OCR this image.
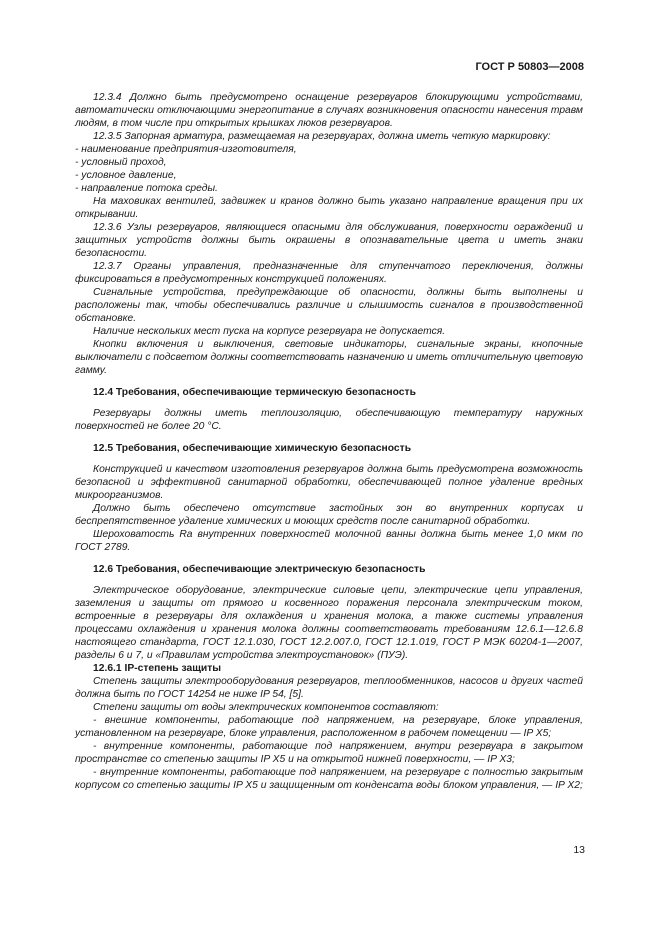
ГОСТ Р 50803—2008

12.3.4 Должно быть предусмотрено оснащение резервуаров блокирующими устройствами, автоматически отключающими энергопитание в случаях возникновения опасности нанесения травм людям, в том числе при открытых крышках люков резервуаров.

12.3.5 Запорная арматура, размещаемая на резервуарах, должна иметь четкую маркировку:

- наименование предприятия-изготовителя,

- условный проход,

- условное давление,

- направление потока среды.

На маховиках вентилей, задвижек и кранов должно быть указано направление вращения при их открывании.

12.3.6 Узлы резервуаров, являющиеся опасными для обслуживания, поверхности ограждений и защитных устройств должны быть окрашены в опознавательные цвета и иметь знаки безопасности.

12.3.7 Органы управления, предназначенные для ступенчатого переключения, должны фиксироваться в предусмотренных конструкцией положениях.

Сигнальные устройства, предупреждающие об опасности, должны быть выполнены и расположены так, чтобы обеспечивались различие и слышимость сигналов в производственной обстановке.

Наличие нескольких мест пуска на корпусе резервуара не допускается.

Кнопки включения и выключения, световые индикаторы, сигнальные экраны, кнопочные выключатели с подсветом должны соответствовать назначению и иметь отличительную цветовую гамму.

12.4 Требования, обеспечивающие термическую безопасность

Резервуары должны иметь теплоизоляцию, обеспечивающую температуру наружных поверхностей не более 20 °С.

12.5 Требования, обеспечивающие химическую безопасность

Конструкцией и качеством изготовления резервуаров должна быть предусмотрена возможность безопасной и эффективной санитарной обработки, обеспечивающей полное удаление вредных микроорганизмов.

Должно быть обеспечено отсутствие застойных зон во внутренних корпусах и беспрепятственное удаление химических и моющих средств после санитарной обработки.

Шероховатость Ra внутренних поверхностей молочной ванны должна быть менее 1,0 мкм по ГОСТ 2789.

12.6 Требования, обеспечивающие электрическую безопасность

Электрическое оборудование, электрические силовые цепи, электрические цепи управления, заземления и защиты от прямого и косвенного поражения персонала электрическим током, встроенные в резервуары для охлаждения и хранения молока, а также системы управления процессами охлаждения и хранения молока должны соответствовать требованиям 12.6.1—12.6.8 настоящего стандарта, ГОСТ 12.1.030, ГОСТ 12.2.007.0, ГОСТ 12.1.019, ГОСТ Р МЭК 60204-1—2007, разделы 6 и 7, и «Правилам устройства электроустановок» (ПУЭ).

12.6.1 IP-степень защиты

Степень защиты электрооборудования резервуаров, теплообменников, насосов и других частей должна быть по ГОСТ 14254 не ниже IP 54, [5].

Степени защиты от воды электрических компонентов составляют:

- внешние компоненты, работающие под напряжением, на резервуаре, блоке управления, установленном на резервуаре, блоке управления, расположенном в рабочем помещении — IP X5;

- внутренние компоненты, работающие под напряжением, внутри резервуара в закрытом пространстве со степенью защиты IP X5 и на открытой нижней поверхности, — IP X3;

- внутренние компоненты, работающие под напряжением, на резервуаре с полностью закрытым корпусом со степенью защиты IP X5 и защищенным от конденсата воды блоком управления, — IP X2;

13
